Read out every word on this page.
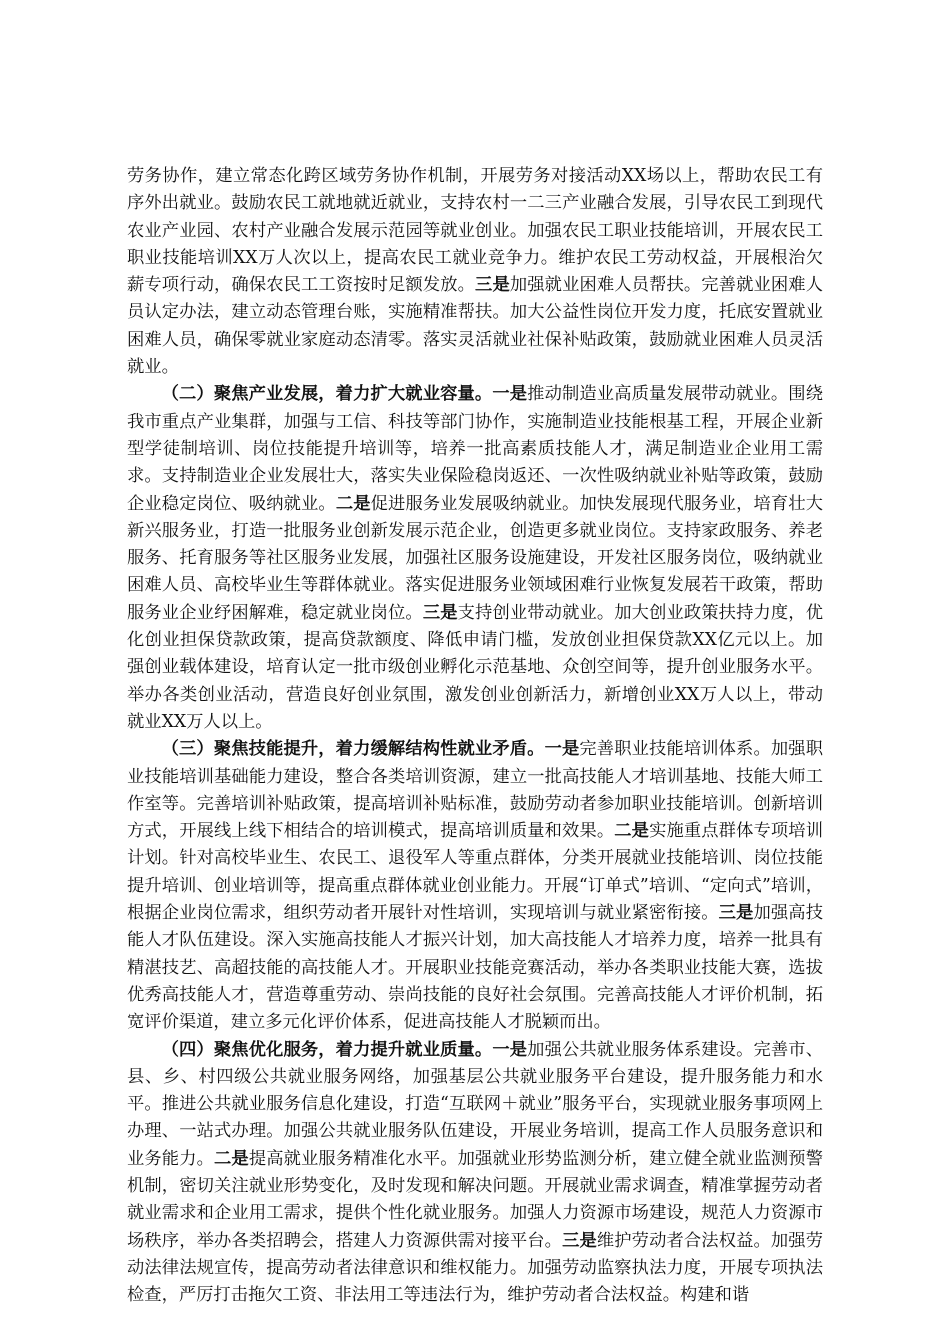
劳务协作，建立常态化跨区域劳务协作机制，开展劳务对接活动XX场以上，帮助农民工有序外出就业。鼓励农民工就地就近就业，支持农村一二三产业融合发展，引导农民工到现代农业产业园、农村产业融合发展示范园等就业创业。加强农民工职业技能培训，开展农民工职业技能培训XX万人次以上，提高农民工就业竞争力。维护农民工劳动权益，开展根治欠薪专项行动，确保农民工工资按时足额发放。三是加强就业困难人员帮扶。完善就业困难人员认定办法，建立动态管理台账，实施精准帮扶。加大公益性岗位开发力度，托底安置就业困难人员，确保零就业家庭动态清零。落实灵活就业社保补贴政策，鼓励就业困难人员灵活就业。

（二）聚焦产业发展，着力扩大就业容量。一是推动制造业高质量发展带动就业。围绕我市重点产业集群，加强与工信、科技等部门协作，实施制造业技能根基工程，开展企业新型学徒制培训、岗位技能提升培训等，培养一批高素质技能人才，满足制造业企业用工需求。支持制造业企业发展壮大，落实失业保险稳岗返还、一次性吸纳就业补贴等政策，鼓励企业稳定岗位、吸纳就业。二是促进服务业发展吸纳就业。加快发展现代服务业，培育壮大新兴服务业，打造一批服务业创新发展示范企业，创造更多就业岗位。支持家政服务、养老服务、托育服务等社区服务业发展，加强社区服务设施建设，开发社区服务岗位，吸纳就业困难人员、高校毕业生等群体就业。落实促进服务业领域困难行业恢复发展若干政策，帮助服务业企业纾困解难，稳定就业岗位。三是支持创业带动就业。加大创业政策扶持力度，优化创业担保贷款政策，提高贷款额度、降低申请门槛，发放创业担保贷款XX亿元以上。加强创业载体建设，培育认定一批市级创业孵化示范基地、众创空间等，提升创业服务水平。举办各类创业活动，营造良好创业氛围，激发创业创新活力，新增创业XX万人以上，带动就业XX万人以上。

（三）聚焦技能提升，着力缓解结构性就业矛盾。一是完善职业技能培训体系。加强职业技能培训基础能力建设，整合各类培训资源，建立一批高技能人才培训基地、技能大师工作室等。完善培训补贴政策，提高培训补贴标准，鼓励劳动者参加职业技能培训。创新培训方式，开展线上线下相结合的培训模式，提高培训质量和效果。二是实施重点群体专项培训计划。针对高校毕业生、农民工、退役军人等重点群体，分类开展就业技能培训、岗位技能提升培训、创业培训等，提高重点群体就业创业能力。开展“订单式”培训、“定向式”培训，根据企业岗位需求，组织劳动者开展针对性培训，实现培训与就业紧密衔接。三是加强高技能人才队伍建设。深入实施高技能人才振兴计划，加大高技能人才培养力度，培养一批具有精湛技艺、高超技能的高技能人才。开展职业技能竞赛活动，举办各类职业技能大赛，选拔优秀高技能人才，营造尊重劳动、崇尚技能的良好社会氛围。完善高技能人才评价机制，拓宽评价渠道，建立多元化评价体系，促进高技能人才脱颖而出。

（四）聚焦优化服务，着力提升就业质量。一是加强公共就业服务体系建设。完善市、县、乡、村四级公共就业服务网络，加强基层公共就业服务平台建设，提升服务能力和水平。推进公共就业服务信息化建设，打造“互联网＋就业”服务平台，实现就业服务事项网上办理、一站式办理。加强公共就业服务队伍建设，开展业务培训，提高工作人员服务意识和业务能力。二是提高就业服务精准化水平。加强就业形势监测分析，建立健全就业监测预警机制，密切关注就业形势变化，及时发现和解决问题。开展就业需求调查，精准掌握劳动者就业需求和企业用工需求，提供个性化就业服务。加强人力资源市场建设，规范人力资源市场秩序，举办各类招聘会，搭建人力资源供需对接平台。三是维护劳动者合法权益。加强劳动法律法规宣传，提高劳动者法律意识和维权能力。加强劳动监察执法力度，开展专项执法检查，严厉打击拖欠工资、非法用工等违法行为，维护劳动者合法权益。构建和谐
